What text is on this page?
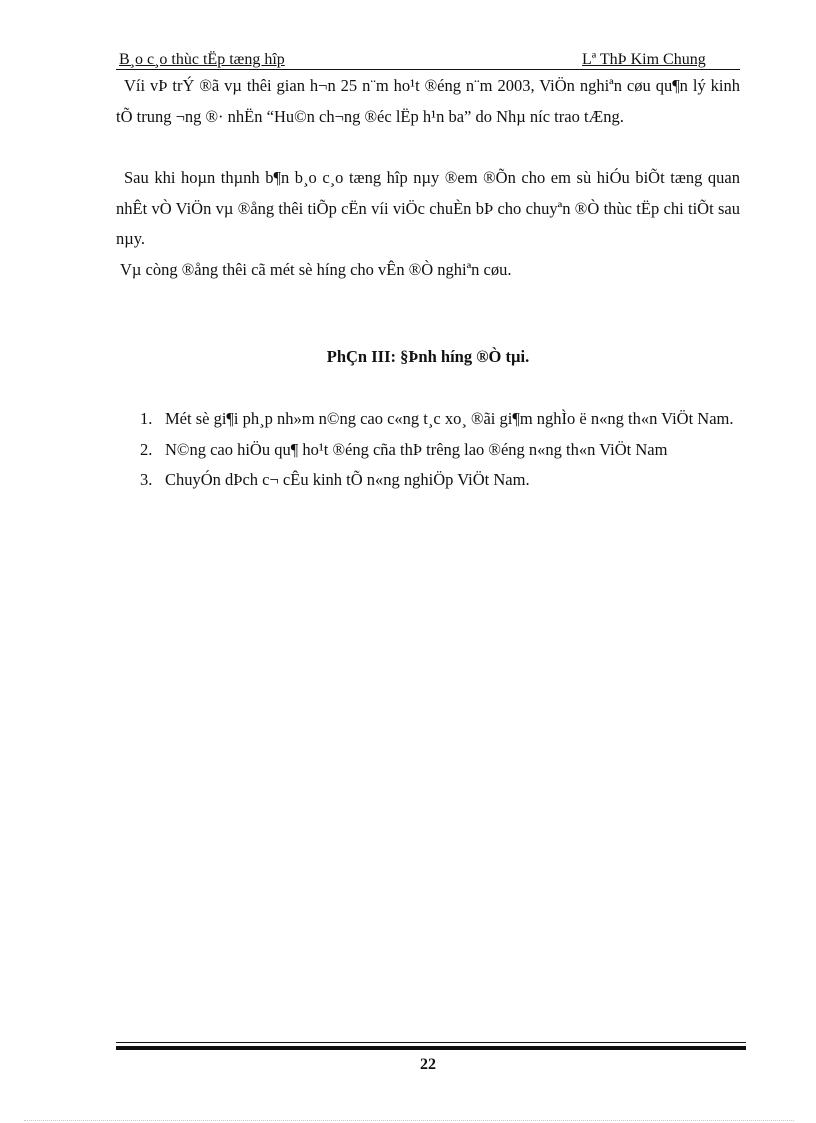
B¸o c¸o thùc tËp tæng hîp	Lª ThÞ Kim Chung

Víi vÞ trÝ ®ã vµ thêi gian h¬n 25 n¨m ho¹t ®éng n¨m 2003, ViÖn nghiªn cøu qu¶n lý kinh tÕ trung ¬ng ®· nhËn “Hu©n ch¬ng ®éc lËp h¹n ba” do Nhµ níc trao tÆng.

Sau khi hoµn thµnh b¶n b¸o c¸o tæng hîp nµy ®em ®Õn cho em sù hiÓu biÕt tæng quan nhÊt vÒ ViÖn vµ ®ång thêi tiÕp cËn víi viÖc chuÈn bÞ cho chuyªn ®Ò thùc tËp chi tiÕt sau nµy.

Vµ còng ®ång thêi cã mét sè híng cho vÊn ®Ò nghiªn cøu.

PhÇn III: §Þnh híng ®Ò tµi.
1. Mét sè gi¶i ph¸p nh»m n©ng cao c«ng t¸c xo¸ ®ãi gi¶m nghÌo ë n«ng th«n ViÖt Nam.
2. N©ng cao hiÖu qu¶ ho¹t ®éng cña thÞ trêng lao ®éng n«ng th«n ViÖt Nam
3. ChuyÓn dÞch c¬ cÊu kinh tÕ n«ng nghiÖp ViÖt Nam.
22
